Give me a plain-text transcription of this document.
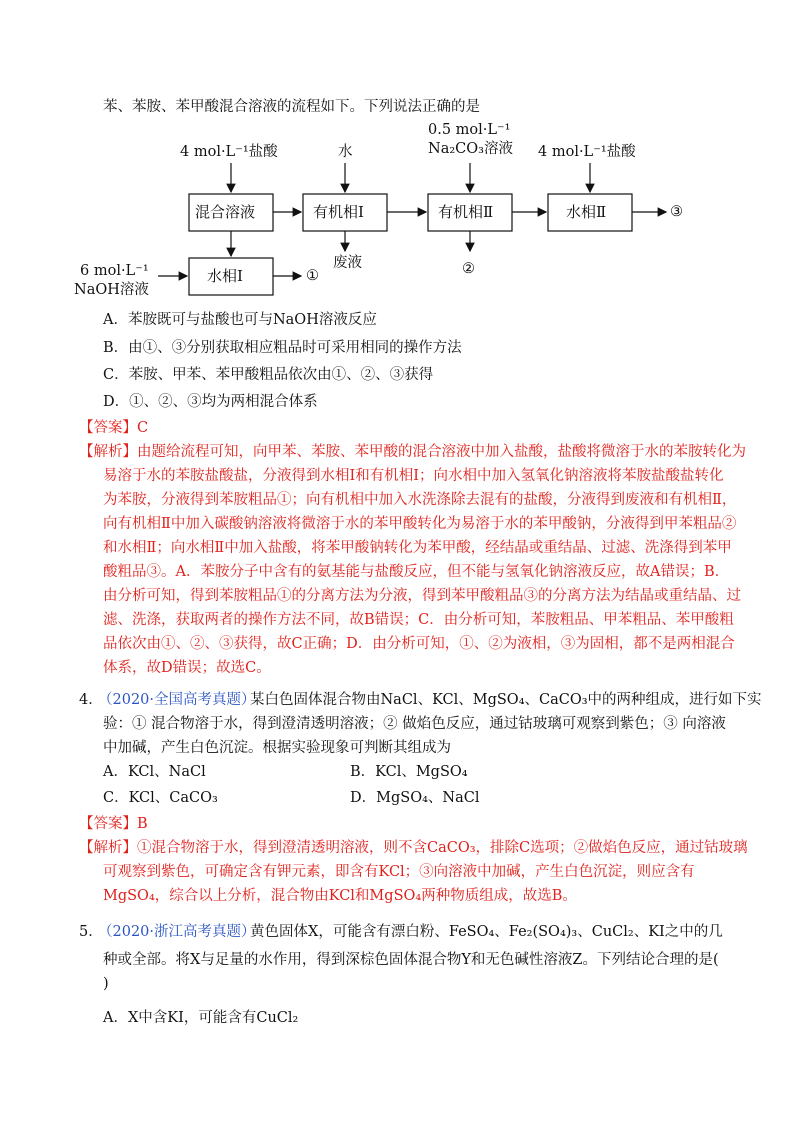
苯、苯胺、苯甲酸混合溶液的流程如下。下列说法正确的是
4 mol·L⁻¹盐酸	水
0.5 mol·L⁻¹
Na₂CO₃溶液 4 mol·L⁻¹盐酸
6 mol·L⁻¹
NaOH溶液
混合溶液	有机相Ⅰ	有机相Ⅱ	水相Ⅱ
水相Ⅰ
废液	②
①
③
A．苯胺既可与盐酸也可与NaOH溶液反应
B．由①、③分别获取相应粗品时可采用相同的操作方法
C．苯胺、甲苯、苯甲酸粗品依次由①、②、③获得
D．①、②、③均为两相混合体系
【答案】C
【解析】由题给流程可知，向甲苯、苯胺、苯甲酸的混合溶液中加入盐酸，盐酸将微溶于水的苯胺转化为
易溶于水的苯胺盐酸盐，分液得到水相Ⅰ和有机相Ⅰ；向水相中加入氢氧化钠溶液将苯胺盐酸盐转化
为苯胺，分液得到苯胺粗品①；向有机相中加入水洗涤除去混有的盐酸，分液得到废液和有机相Ⅱ，
向有机相Ⅱ中加入碳酸钠溶液将微溶于水的苯甲酸转化为易溶于水的苯甲酸钠，分液得到甲苯粗品②
和水相Ⅱ；向水相Ⅱ中加入盐酸，将苯甲酸钠转化为苯甲酸，经结晶或重结晶、过滤、洗涤得到苯甲
酸粗品③。A．苯胺分子中含有的氨基能与盐酸反应，但不能与氢氧化钠溶液反应，故A错误；B．
由分析可知，得到苯胺粗品①的分离方法为分液，得到苯甲酸粗品③的分离方法为结晶或重结晶、过
滤、洗涤，获取两者的操作方法不同，故B错误；C．由分析可知，苯胺粗品、甲苯粗品、苯甲酸粗
品依次由①、②、③获得，故C正确；D．由分析可知，①、②为液相，③为固相，都不是两相混合
体系，故D错误；故选C。
4．
（2020·全国高考真题）
某白色固体混合物由NaCl、KCl、MgSO₄、CaCO₃中的两种组成，进行如下实
验：① 混合物溶于水，得到澄清透明溶液；② 做焰色反应，通过钴玻璃可观察到紫色；③ 向溶液
中加碱，产生白色沉淀。根据实验现象可判断其组成为
A．KCl、NaCl	B．KCl、MgSO₄
C．KCl、CaCO₃	D．MgSO₄、NaCl
【答案】B
【解析】①混合物溶于水，得到澄清透明溶液，则不含CaCO₃，排除C选项；②做焰色反应，通过钴玻璃
可观察到紫色，可确定含有钾元素，即含有KCl；③向溶液中加碱，产生白色沉淀，则应含有
MgSO₄，综合以上分析，混合物由KCl和MgSO₄两种物质组成，故选B。
5．
（2020·浙江高考真题）
黄色固体X，可能含有漂白粉、FeSO₄、Fe₂(SO₄)₃、CuCl₂、KI之中的几
种或全部。将X与足量的水作用，得到深棕色固体混合物Y和无色碱性溶液Z。下列结论合理的是(
)
A．X中含KI，可能含有CuCl₂
